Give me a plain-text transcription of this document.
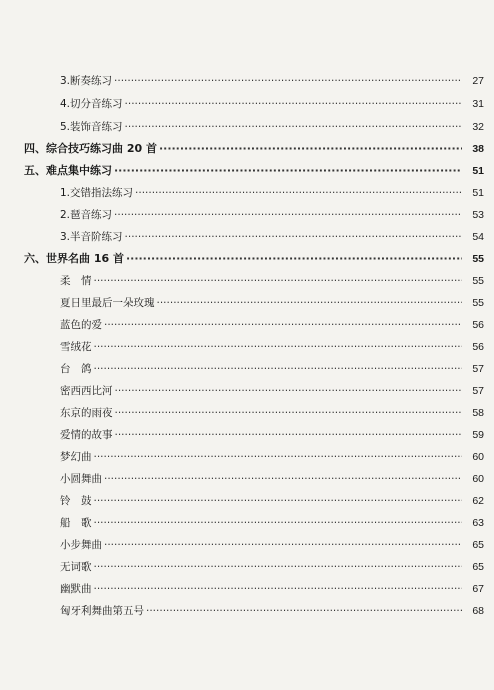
3.断奏练习 ·····	27
4.切分音练习 ·····	31
5.装饰音练习 ·····	32
四、 综合技巧练习曲 20 首 ·····	38
五、 难点集中练习 ·····	51
1.交错指法练习 ·····	51
2.琶音练习 ·····	53
3.半音阶练习 ·····	54
六、 世界名曲 16 首 ·····	55
柔　情 ·····	55
夏日里最后一朵玫瑰 ·····	55
蓝色的爱 ·····	56
雪绒花 ·····	56
台　鸽 ·····	57
密西西比河 ·····	57
东京的雨夜 ·····	58
爱情的故事 ·····	59
梦幻曲 ·····	60
小圆舞曲 ·····	60
铃　鼓 ·····	62
船　歌 ·····	63
小步舞曲 ·····	65
无词歌 ·····	65
幽默曲 ·····	67
匈牙利舞曲第五号 ·····	68
